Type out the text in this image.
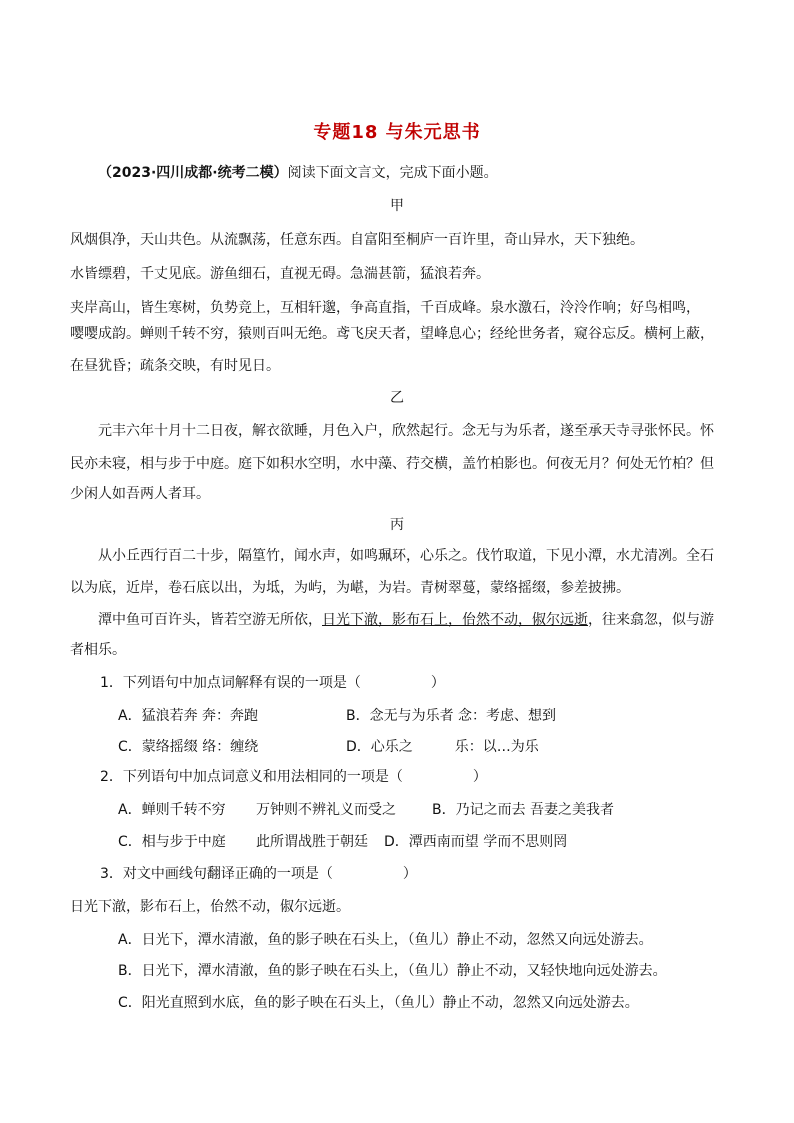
专题18 与朱元思书
（2023·四川成都·统考二模）阅读下面文言文，完成下面小题。
甲
风烟俱净，天山共色。从流飘荡，任意东西。自富阳至桐庐一百许里，奇山异水，天下独绝。
水皆缥碧，千丈见底。游鱼细石，直视无碍。急湍甚箭，猛浪若奔。
夹岸高山，皆生寒树，负势竞上，互相轩邈，争高直指，千百成峰。泉水激石，泠泠作响；好鸟相鸣，
嘤嘤成韵。蝉则千转不穷，猿则百叫无绝。鸢飞戾天者，望峰息心；经纶世务者，窥谷忘反。横柯上蔽，
在昼犹昏；疏条交映，有时见日。
乙
元丰六年十月十二日夜，解衣欲睡，月色入户，欣然起行。念无与为乐者，遂至承天寺寻张怀民。怀
民亦未寝，相与步于中庭。庭下如积水空明，水中藻、荇交横，盖竹柏影也。何夜无月？何处无竹柏？但
少闲人如吾两人者耳。
丙
从小丘西行百二十步，隔篁竹，闻水声，如鸣珮环，心乐之。伐竹取道，下见小潭，水尤清冽。全石
以为底，近岸，卷石底以出，为坻，为屿，为嵁，为岩。青树翠蔓，蒙络摇缀，参差披拂。
潭中鱼可百许头，皆若空游无所依，日光下澈，影布石上，佁然不动，俶尔远逝，往来翕忽，似与游
者相乐。
1．下列语句中加点词解释有误的一项是（　　　　　）
A．猛浪若奔 奔：奔跑	B．念无与为乐者 念：考虑、想到
C．蒙络摇缀 络：缠绕	D．心乐之　　　乐：以…为乐
2．下列语句中加点词意义和用法相同的一项是（　　　　　）
A．蝉则千转不穷	万钟则不辨礼义而受之	B．乃记之而去 吾妻之美我者
C．相与步于中庭	此所谓战胜于朝廷	D．潭西南而望 学而不思则罔
3．对文中画线句翻译正确的一项是（　　　　　）
日光下澈，影布石上，佁然不动，俶尔远逝。
A．日光下，潭水清澈，鱼的影子映在石头上，（鱼儿）静止不动，忽然又向远处游去。
B．日光下，潭水清澈，鱼的影子映在石头上，（鱼儿）静止不动，又轻快地向远处游去。
C．阳光直照到水底，鱼的影子映在石头上，（鱼儿）静止不动，忽然又向远处游去。
